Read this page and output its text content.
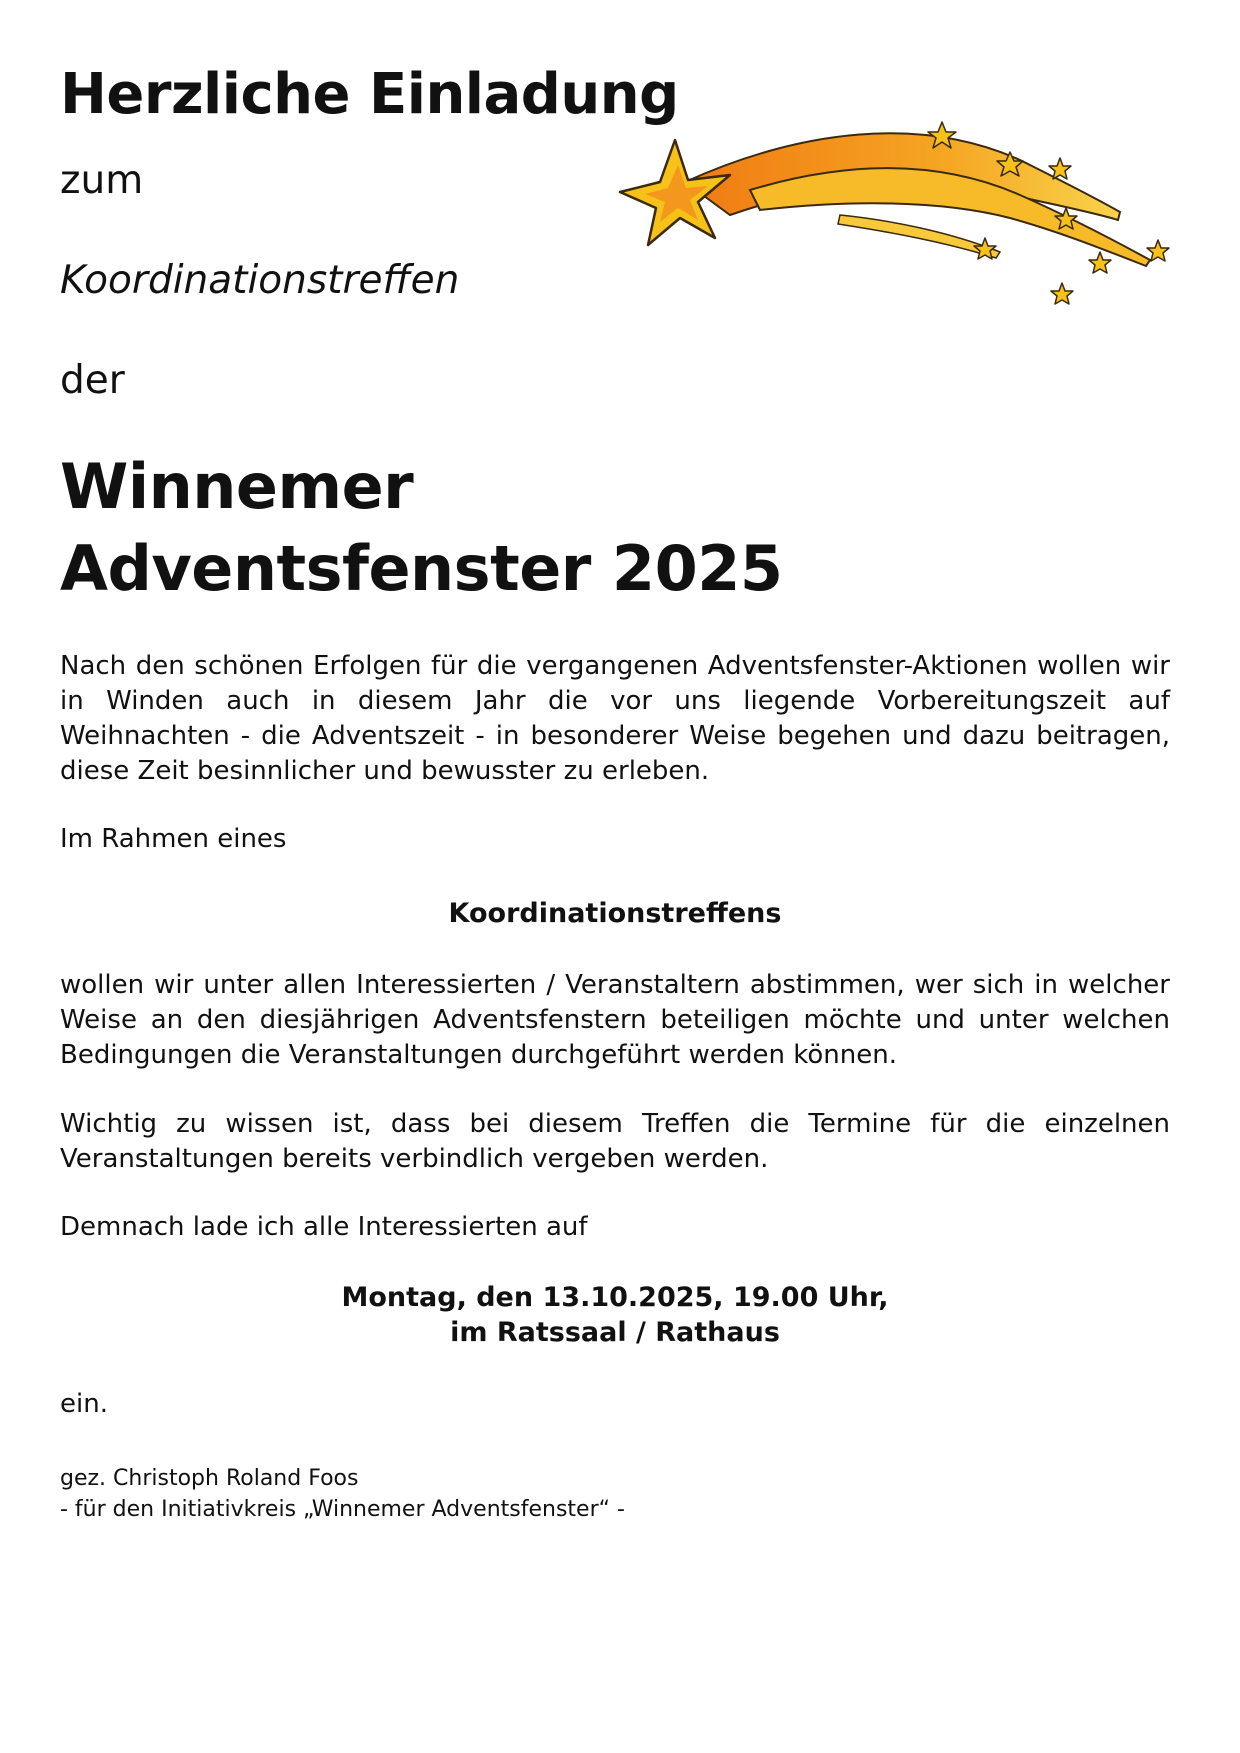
Herzliche Einladung

zum

Koordinationstreffen

der

Winnemer
Adventsfenster 2025

Nach den schönen Erfolgen für die vergangenen Adventsfenster-Aktionen wollen wir in Winden auch in diesem Jahr die vor uns liegende Vorbereitungszeit auf Weihnachten - die Adventszeit - in besonderer Weise begehen und dazu beitragen, diese Zeit besinnlicher und bewusster zu erleben.

Im Rahmen eines

Koordinationstreffens

wollen wir unter allen Interessierten / Veranstaltern abstimmen, wer sich in welcher Weise an den diesjährigen Adventsfenstern beteiligen möchte und unter welchen Bedingungen die Veranstaltungen durchgeführt werden können.

Wichtig zu wissen ist, dass bei diesem Treffen die Termine für die einzelnen Veranstaltungen bereits verbindlich vergeben werden.

Demnach lade ich alle Interessierten auf

Montag, den 13.10.2025, 19.00 Uhr,
im Ratssaal / Rathaus

ein.

gez. Christoph Roland Foos
- für den Initiativkreis „Winnemer Adventsfenster“ -
